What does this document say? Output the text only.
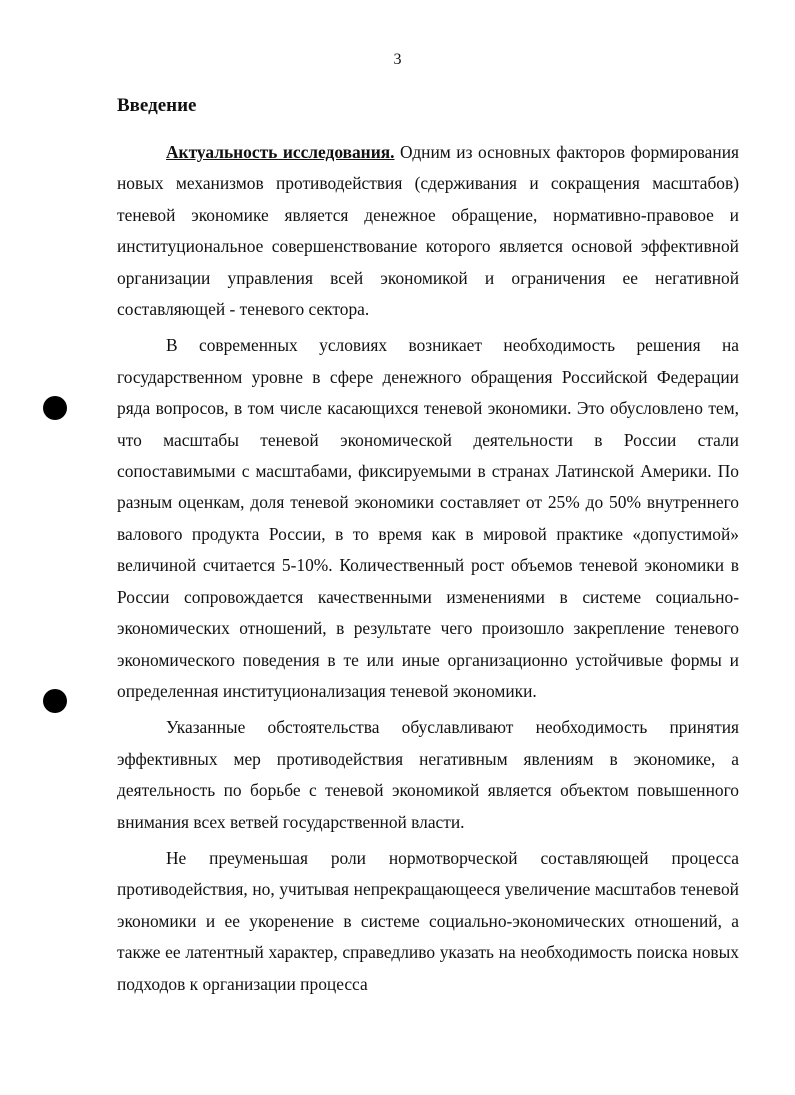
3
Введение

Актуальность исследования. Одним из основных факторов формирования новых механизмов противодействия (сдерживания и сокращения масштабов) теневой экономике является денежное обращение, нормативно-правовое и институциональное совершенствование которого является основой эффективной организации управления всей экономикой и ограничения ее негативной составляющей - теневого сектора.

В современных условиях возникает необходимость решения на государственном уровне в сфере денежного обращения Российской Федерации ряда вопросов, в том числе касающихся теневой экономики. Это обусловлено тем, что масштабы теневой экономической деятельности в России стали сопоставимыми с масштабами, фиксируемыми в странах Латинской Америки. По разным оценкам, доля теневой экономики составляет от 25% до 50% внутреннего валового продукта России, в то время как в мировой практике «допустимой» величиной считается 5-10%. Количественный рост объемов теневой экономики в России сопровождается качественными изменениями в системе социально-экономических отношений, в результате чего произошло закрепление теневого экономического поведения в те или иные организационно устойчивые формы и определенная институционализация теневой экономики.

Указанные обстоятельства обуславливают необходимость принятия эффективных мер противодействия негативным явлениям в экономике, а деятельность по борьбе с теневой экономикой является объектом повышенного внимания всех ветвей государственной власти.

Не преуменьшая роли нормотворческой составляющей процесса противодействия, но, учитывая непрекращающееся увеличение масштабов теневой экономики и ее укоренение в системе социально-экономических отношений, а также ее латентный характер, справедливо указать на необходимость поиска новых подходов к организации процесса
